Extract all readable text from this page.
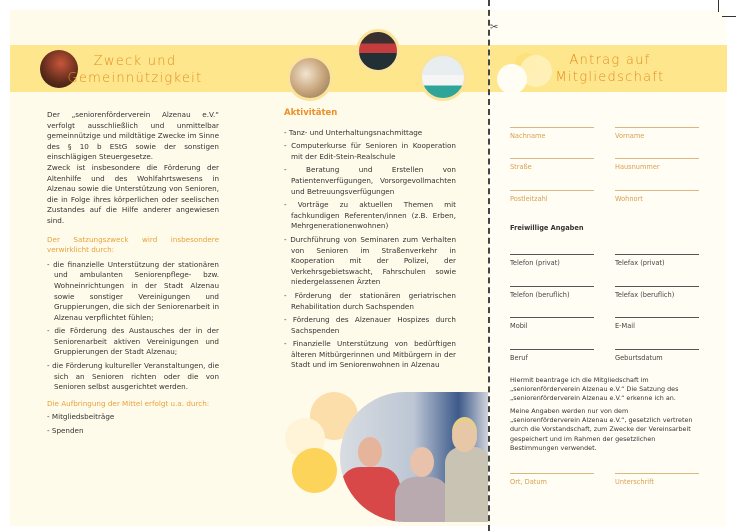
✂
Zweck und
Gemeinnützigkeit
Antrag auf
Mitgliedschaft

Der „seniorenförderverein Alzenau e.V.“ verfolgt ausschließlich und unmittelbar gemeinnützige und mildtätige Zwecke im Sinne des § 10 b EStG sowie der sonstigen einschlägigen Steuergesetze.

Zweck ist insbesondere die Förderung der Altenhilfe und des Wohlfahrtswesens in Alzenau sowie die Unterstützung von Senioren, die in Folge ihres körperlichen oder seelischen Zustandes auf die Hilfe anderer angewiesen sind.

Der Satzungszweck wird insbesondere verwirklicht durch:

- die finanzielle Unterstützung der stationären und ambulanten Seniorenpflege- bzw. Wohneinrichtungen in der Stadt Alzenau sowie sonstiger Vereinigungen und Gruppierungen, die sich der Seniorenarbeit in Alzenau verpflichtet fühlen;
- die Förderung des Austausches der in der Seniorenarbeit aktiven Vereinigungen und Gruppierungen der Stadt Alzenau;
- die Förderung kultureller Veranstaltungen, die sich an Senioren richten oder die von Senioren selbst ausgerichtet werden.

Die Aufbringung der Mittel erfolgt u.a. durch:

- Mitgliedsbeiträge
- Spenden
Aktivitäten
- Tanz- und Unterhaltungsnachmittage
- Computerkurse für Senioren in Kooperation mit der Edit-Stein-Realschule
- Beratung und Erstellen von Patientenverfügungen, Vorsorgevollmachten und Betreuungsverfügungen
- Vorträge zu aktuellen Themen mit fachkundigen Referenten/innen (z.B. Erben, Mehrgenerationenwohnen)
- Durchführung von Seminaren zum Verhalten von Senioren im Straßenverkehr in Kooperation mit der Polizei, der Verkehrsgebietswacht, Fahrschulen sowie niedergelassenen Ärzten
- Förderung der stationären geriatrischen Rehabilitation durch Sachspenden
- Förderung des Alzenauer Hospizes durch Sachspenden
- Finanzielle Unterstützung von bedürftigen älteren Mitbürgerinnen und Mitbürgern in der Stadt und im Seniorenwohnen in Alzenau
Nachname	Vorname
Straße	Hausnummer
Postleitzahl	Wohnort
Freiwillige Angaben
Telefon (privat)	Telefax (privat)
Telefon (beruflich)	Telefax (beruflich)
Mobil	E-Mail
Beruf	Geburtsdatum
Hiermit beantrage ich die Mitgliedschaft im „seniorenförderverein Alzenau e.V.“ Die Satzung des „seniorenförderverein Alzenau e.V.“ erkenne ich an.
Meine Angaben werden nur von dem „seniorenförderverein Alzenau e.V.“, gesetzlich vertreten durch die Vorstandschaft, zum Zwecke der Vereinsarbeit gespeichert und im Rahmen der gesetzlichen Bestimmungen verwendet.
Ort, Datum	Unterschrift
